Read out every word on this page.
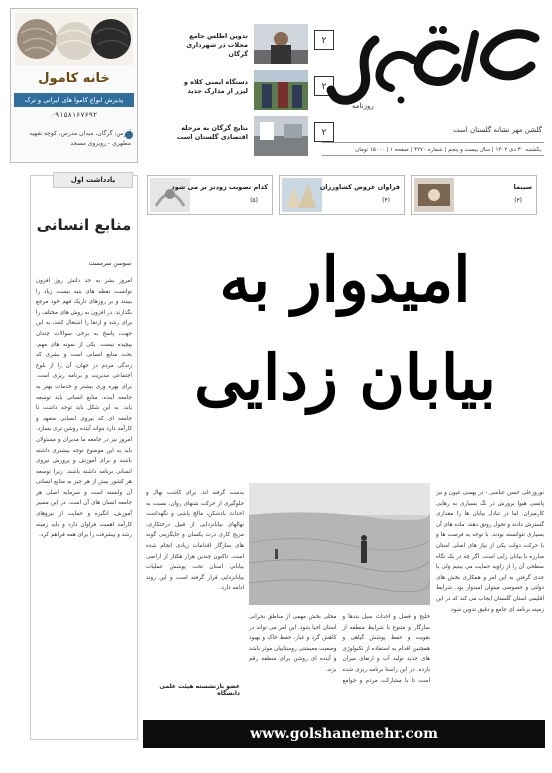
خانه کامول
پذیرش انواع کاموا های ایرانی و ترک
۰۹۱۵۸۱۶۷۶۹۲
آدرس: گرگان، میدان مدرس، کوچه شهید مطهری - روبروی مسجد
تدوین اطلس جامع محلات در شهرداری گرگان
۲
دستگاه ایمنی کلاه و لیزر از مدارک جدید	۲
نتایج گرگان به مرحله اقتصادی گلستان است	۲
روزنامه
گلشن مهر نشانه گلستان است
یکشنبه ۳۰ دی ۱۴۰۲ | سال بیست و پنجم | شماره ۴۲۷۰ | صفحه ۱ | ۱۵۰۰۰ تومان
یادداشت اول
منابع انسانی
سوسن سرمست
امروز بشر به حد دانش روز افزون توانست نقطه های بنیه نیست زیاد را ببینند و بر روزهای تاریک فهم خود مرجع بگذارند. در افزون به روش های مختلف را برای رشد و ارتقا را اشتغال کنند، به این جهت، پاسخ به برخی سوالات چندان پیچیده نیست. یکی از نمونه های مهم، بحث منابع انسانی است و بشری که زندگی مردم در جهان، آن را از بلوغ اجتماعی مدیریت و برنامه ریزی است. برای بهره وری بیشتر و خدمات بهتر به جامعه آینده، منابع انسانی باید توسعه یابد. به این شکل باید توجه داشت تا جامعه ای که نیروی انسانی متعهد و کارآمد دارد بتواند آینده روشن تری بسازد. امروز نیز در جامعه ما مدیران و مسئولان باید به این موضوع توجه بیشتری داشته باشند و برای آموزش و پرورش نیروی انسانی برنامه داشته باشند. زیرا توسعه هر کشور بیش از هر چیز به منابع انسانی آن وابسته است و سرمایه اصلی هر جامعه انسان های آن است. در این مسیر آموزش، انگیزه و حمایت از نیروهای کارآمد اهمیت فراوان دارد و باید زمینه رشد و پیشرفت را برای همه فراهم کرد.
سینما
(۳)
فراوان عروض كشاورزان
(۴)
کدام تصویب زودتر بر می شود
(۵)
امیدوار به
بیابان زدایی
نوروزعلی حسن عباسی - در بهمنی عیون و نیز پانسی هیوا پرورش در نگ بسیاری به رهایی کارمیزان. اما در تبادل بیابان ها را مقداری گسترش دادند و تحول رونق دهند. ماده های آن بسیاری نتوانسته بودند. با توجه به فرصت ها و با حرکت دولت یکی از نیاز های اصلی استان مبارزه با بیابان زایی است. اگر چه در یک نگاه سطحی آن را از زاویه حمایت می بینیم ولی با جدی گرفتن به این امر و همکاری بخش های دولتی و خصوصی میتوان امیدوار بود. شرایط اقلیمی استان گلستان ایجاب می کند که در این زمینه برنامه ای جامع و دقیق تدوین شود.
بدست گرفته اند. برای کاشت نهال و جلوگیری از حرکت شنهای روان، نسبت به احداث بادشکن، مالچ پاشی و نگهداشت نهالهای بیابانزدایی از قبیل درختکاری، مزیج کاری ذرت یکسان و جایگزینی گونه های سازگار اقدامات زیادی انجام شده است. تاکنون چندین هزار هکتار از اراضی بیابانی استان تحت پوشش عملیات بیابانزدایی قرار گرفته است و این روند ادامه دارد.
خلیج و فصل و احداث سیل بندها و سازگار و متنوع با شرایط منطقه از تقویت و حفظ پوشش گیاهی و همچنین اقدام به استفاده از تکنولوژی های جدید تولید آب و ارتقای میزان بازده. در این راستا برنامه ریزی شده است تا با مشارکت مردم و جوامع محلی بخش مهمی از مناطق بحرانی استان احیا شود. این امر می تواند در کاهش گرد و غبار، حفظ خاک و بهبود وضعیت معیشتی روستاییان موثر باشد و آینده ای روشن برای منطقه رقم بزند.
عضو بازنشسته هیئت علمی دانشگاه
www.golshanemehr.com
